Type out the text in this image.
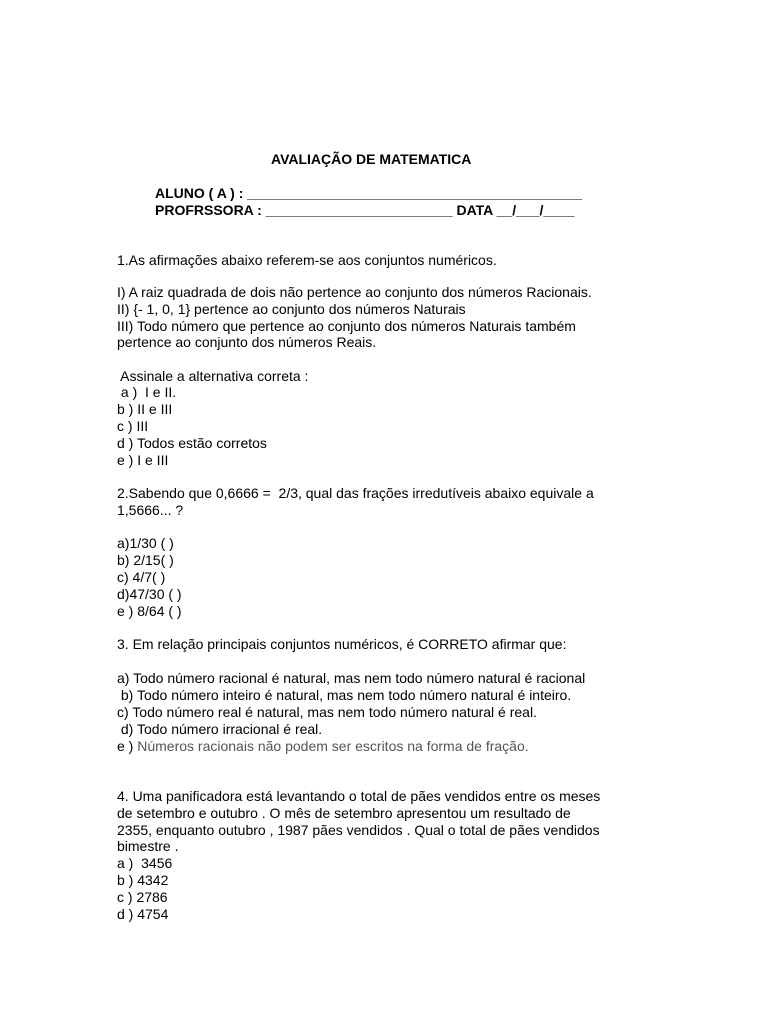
AVALIAÇÃO DE MATEMATICA
ALUNO ( A ) : ___________________________________________
PROFRSSORA : ________________________ DATA __/___/____
1.As afirmações abaixo referem-se aos conjuntos numéricos.
I) A raiz quadrada de dois não pertence ao conjunto dos números Racionais.
II) {- 1, 0, 1} pertence ao conjunto dos números Naturais
III) Todo número que pertence ao conjunto dos números Naturais também
pertence ao conjunto dos números Reais.
Assinale a alternativa correta :
a )  I e II.
b ) II e III
c ) III
d ) Todos estão corretos
e ) I e III
2.Sabendo que 0,6666 =  2/3, qual das frações irredutíveis abaixo equivale a
1,5666... ?
a)1/30 ( )
b) 2/15( )
c) 4/7( )
d)47/30 ( )
e ) 8/64 ( )
3. Em relação principais conjuntos numéricos, é CORRETO afirmar que:
a) Todo número racional é natural, mas nem todo número natural é racional
b) Todo número inteiro é natural, mas nem todo número natural é inteiro.
c) Todo número real é natural, mas nem todo número natural é real.
d) Todo número irracional é real.
e ) Números racionais não podem ser escritos na forma de fração.
4. Uma panificadora está levantando o total de pães vendidos entre os meses
de setembro e outubro . O mês de setembro apresentou um resultado de
2355, enquanto outubro , 1987 pães vendidos . Qual o total de pães vendidos
bimestre .
a )  3456
b ) 4342
c ) 2786
d ) 4754
